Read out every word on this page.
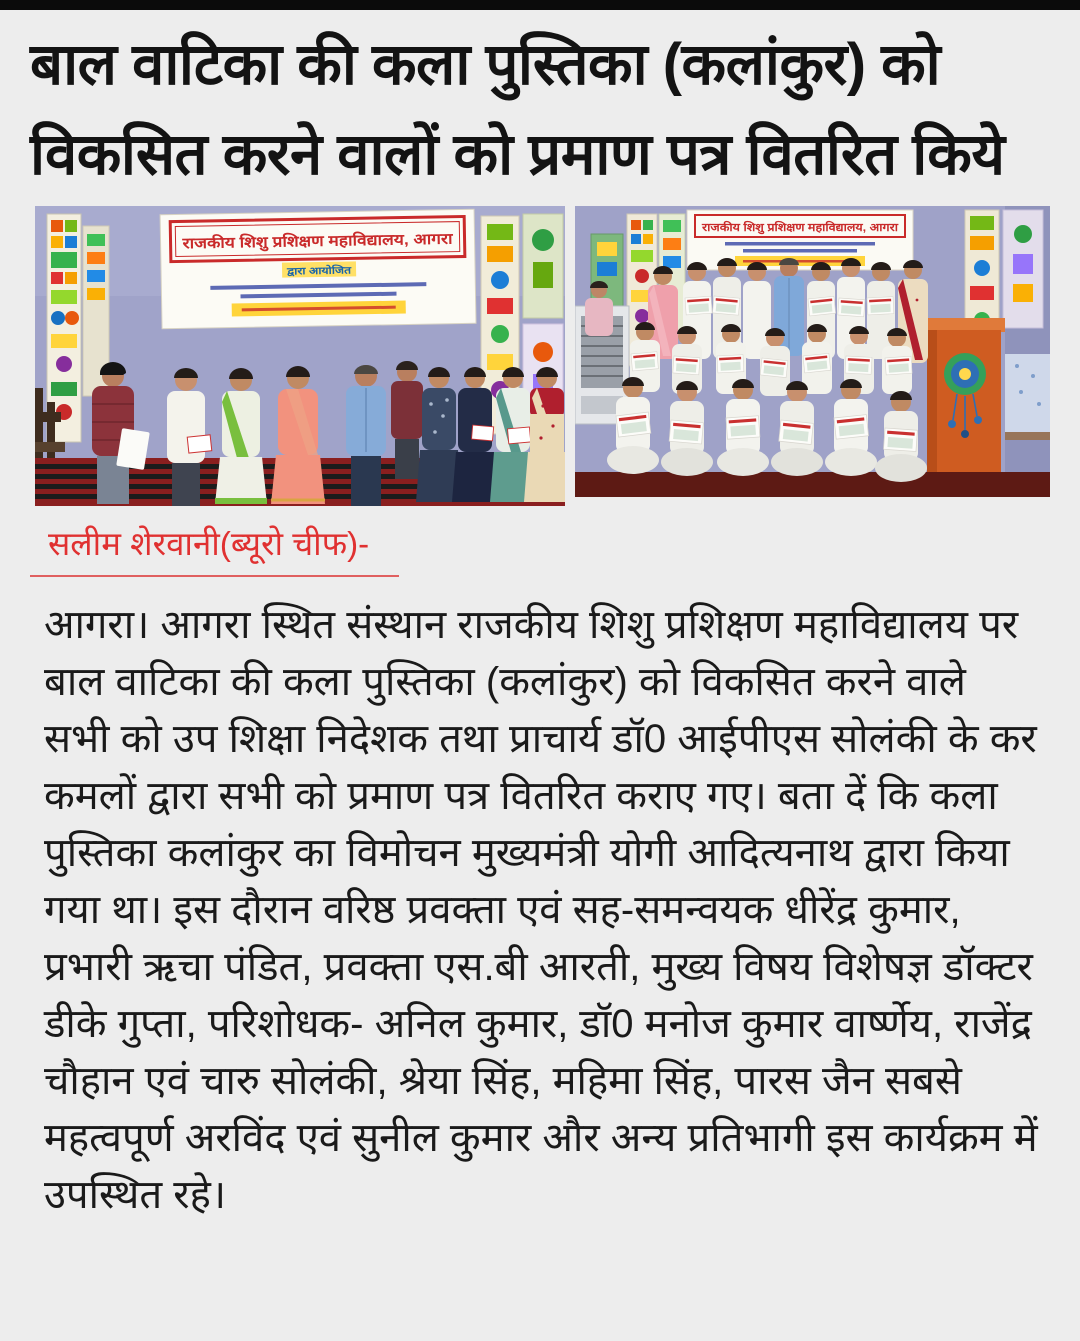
बाल वाटिका की कला पुस्तिका (कलांकुर) को विकसित करने वालों को प्रमाण पत्र वितरित किये
राजकीय शिशु प्रशिक्षण महाविद्यालय, आगरा
द्वारा आयोजित
राजकीय शिशु प्रशिक्षण महाविद्यालय, आगरा
सलीम शेरवानी(ब्यूरो चीफ)-

आगरा। आगरा स्थित संस्थान राजकीय शिशु प्रशिक्षण महाविद्यालय पर बाल वाटिका की कला पुस्तिका (कलांकुर) को विकसित करने वाले सभी को उप शिक्षा निदेशक तथा प्राचार्य डॉ0 आईपीएस सोलंकी के कर कमलों द्वारा सभी को प्रमाण पत्र वितरित कराए गए। बता दें कि कला पुस्तिका कलांकुर का विमोचन मुख्यमंत्री योगी आदित्यनाथ द्वारा किया गया था। इस दौरान वरिष्ठ प्रवक्ता एवं सह-समन्वयक धीरेंद्र कुमार, प्रभारी ऋचा पंडित, प्रवक्ता एस.बी आरती, मुख्य विषय विशेषज्ञ डॉक्टर डीके गुप्ता, परिशोधक- अनिल कुमार, डॉ0 मनोज कुमार वार्ष्णेय, राजेंद्र चौहान एवं चारु सोलंकी, श्रेया सिंह, महिमा सिंह, पारस जैन सबसे महत्वपूर्ण अरविंद एवं सुनील कुमार और अन्य प्रतिभागी इस कार्यक्रम में उपस्थित रहे।
